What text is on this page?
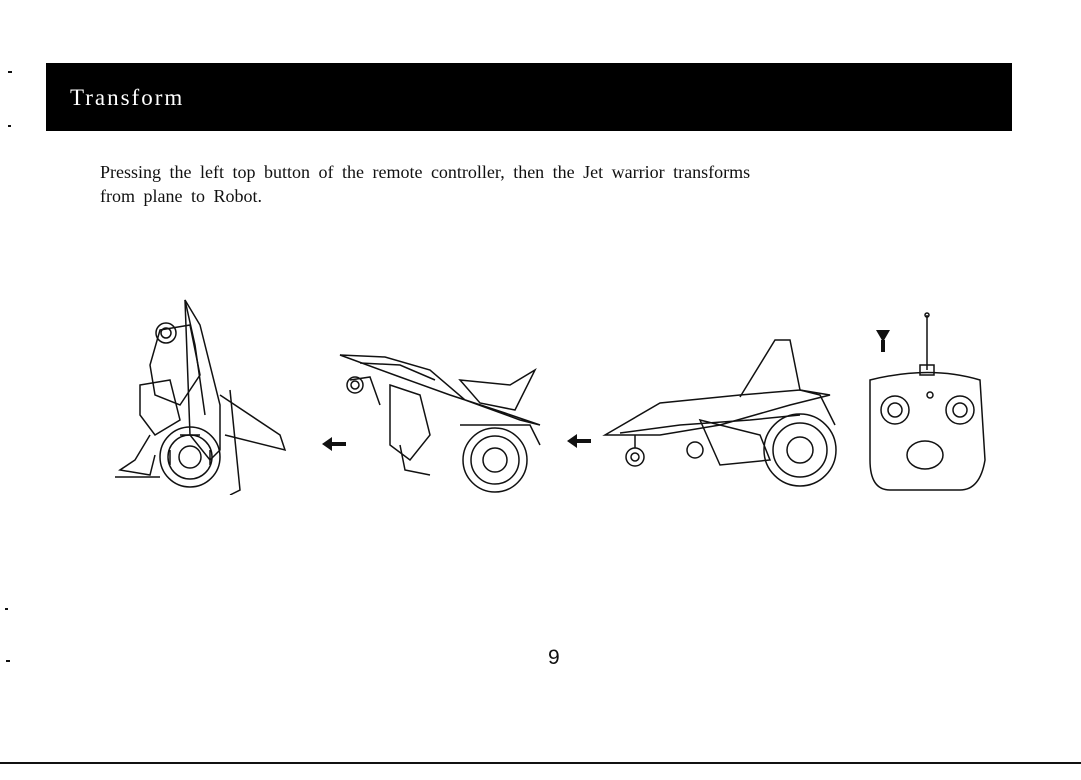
Transform
Pressing the left top button of the remote controller, then the Jet warrior transforms
from plane to Robot.
9
